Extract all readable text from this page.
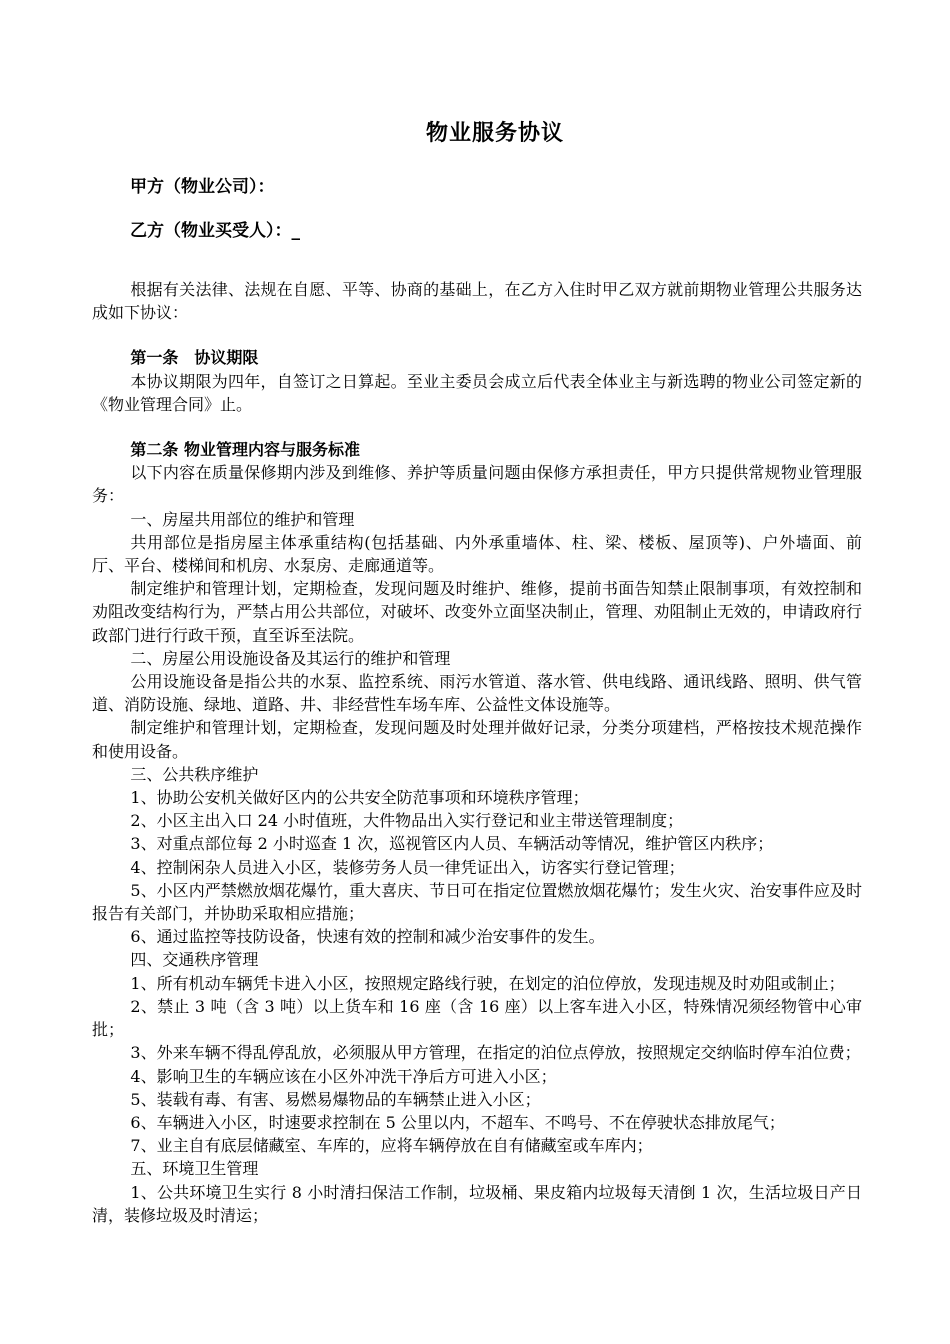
物业服务协议
甲方（物业公司）：
乙方（物业买受人）：_

根据有关法律、法规在自愿、平等、协商的基础上，在乙方入住时甲乙双方就前期物业管理公共服务达成如下协议：

第一条　协议期限

本协议期限为四年，自签订之日算起。至业主委员会成立后代表全体业主与新选聘的物业公司签定新的《物业管理合同》止。

第二条 物业管理内容与服务标准

以下内容在质量保修期内涉及到维修、养护等质量问题由保修方承担责任，甲方只提供常规物业管理服务：

一、房屋共用部位的维护和管理

共用部位是指房屋主体承重结构(包括基础、内外承重墙体、柱、梁、楼板、屋顶等)、户外墙面、前厅、平台、楼梯间和机房、水泵房、走廊通道等。

制定维护和管理计划，定期检查，发现问题及时维护、维修，提前书面告知禁止限制事项，有效控制和劝阻改变结构行为，严禁占用公共部位，对破坏、改变外立面坚决制止，管理、劝阻制止无效的，申请政府行政部门进行行政干预，直至诉至法院。

二、房屋公用设施设备及其运行的维护和管理

公用设施设备是指公共的水泵、监控系统、雨污水管道、落水管、供电线路、通讯线路、照明、供气管道、消防设施、绿地、道路、井、非经营性车场车库、公益性文体设施等。

制定维护和管理计划，定期检查，发现问题及时处理并做好记录，分类分项建档，严格按技术规范操作和使用设备。

三、公共秩序维护

1、协助公安机关做好区内的公共安全防范事项和环境秩序管理；

2、小区主出入口 24 小时值班，大件物品出入实行登记和业主带送管理制度；

3、对重点部位每 2 小时巡查 1 次，巡视管区内人员、车辆活动等情况，维护管区内秩序；

4、控制闲杂人员进入小区，装修劳务人员一律凭证出入，访客实行登记管理；

5、小区内严禁燃放烟花爆竹，重大喜庆、节日可在指定位置燃放烟花爆竹；发生火灾、治安事件应及时报告有关部门，并协助采取相应措施；

6、通过监控等技防设备，快速有效的控制和减少治安事件的发生。

四、交通秩序管理

1、所有机动车辆凭卡进入小区，按照规定路线行驶，在划定的泊位停放，发现违规及时劝阻或制止；

2、禁止 3 吨（含 3 吨）以上货车和 16 座（含 16 座）以上客车进入小区，特殊情况须经物管中心审批；

3、外来车辆不得乱停乱放，必须服从甲方管理，在指定的泊位点停放，按照规定交纳临时停车泊位费；

4、影响卫生的车辆应该在小区外冲洗干净后方可进入小区；

5、装载有毒、有害、易燃易爆物品的车辆禁止进入小区；

6、车辆进入小区，时速要求控制在 5 公里以内，不超车、不鸣号、不在停驶状态排放尾气；

7、业主自有底层储藏室、车库的，应将车辆停放在自有储藏室或车库内；

五、环境卫生管理

1、公共环境卫生实行 8 小时清扫保洁工作制，垃圾桶、果皮箱内垃圾每天清倒 1 次，生活垃圾日产日清，装修垃圾及时清运；
